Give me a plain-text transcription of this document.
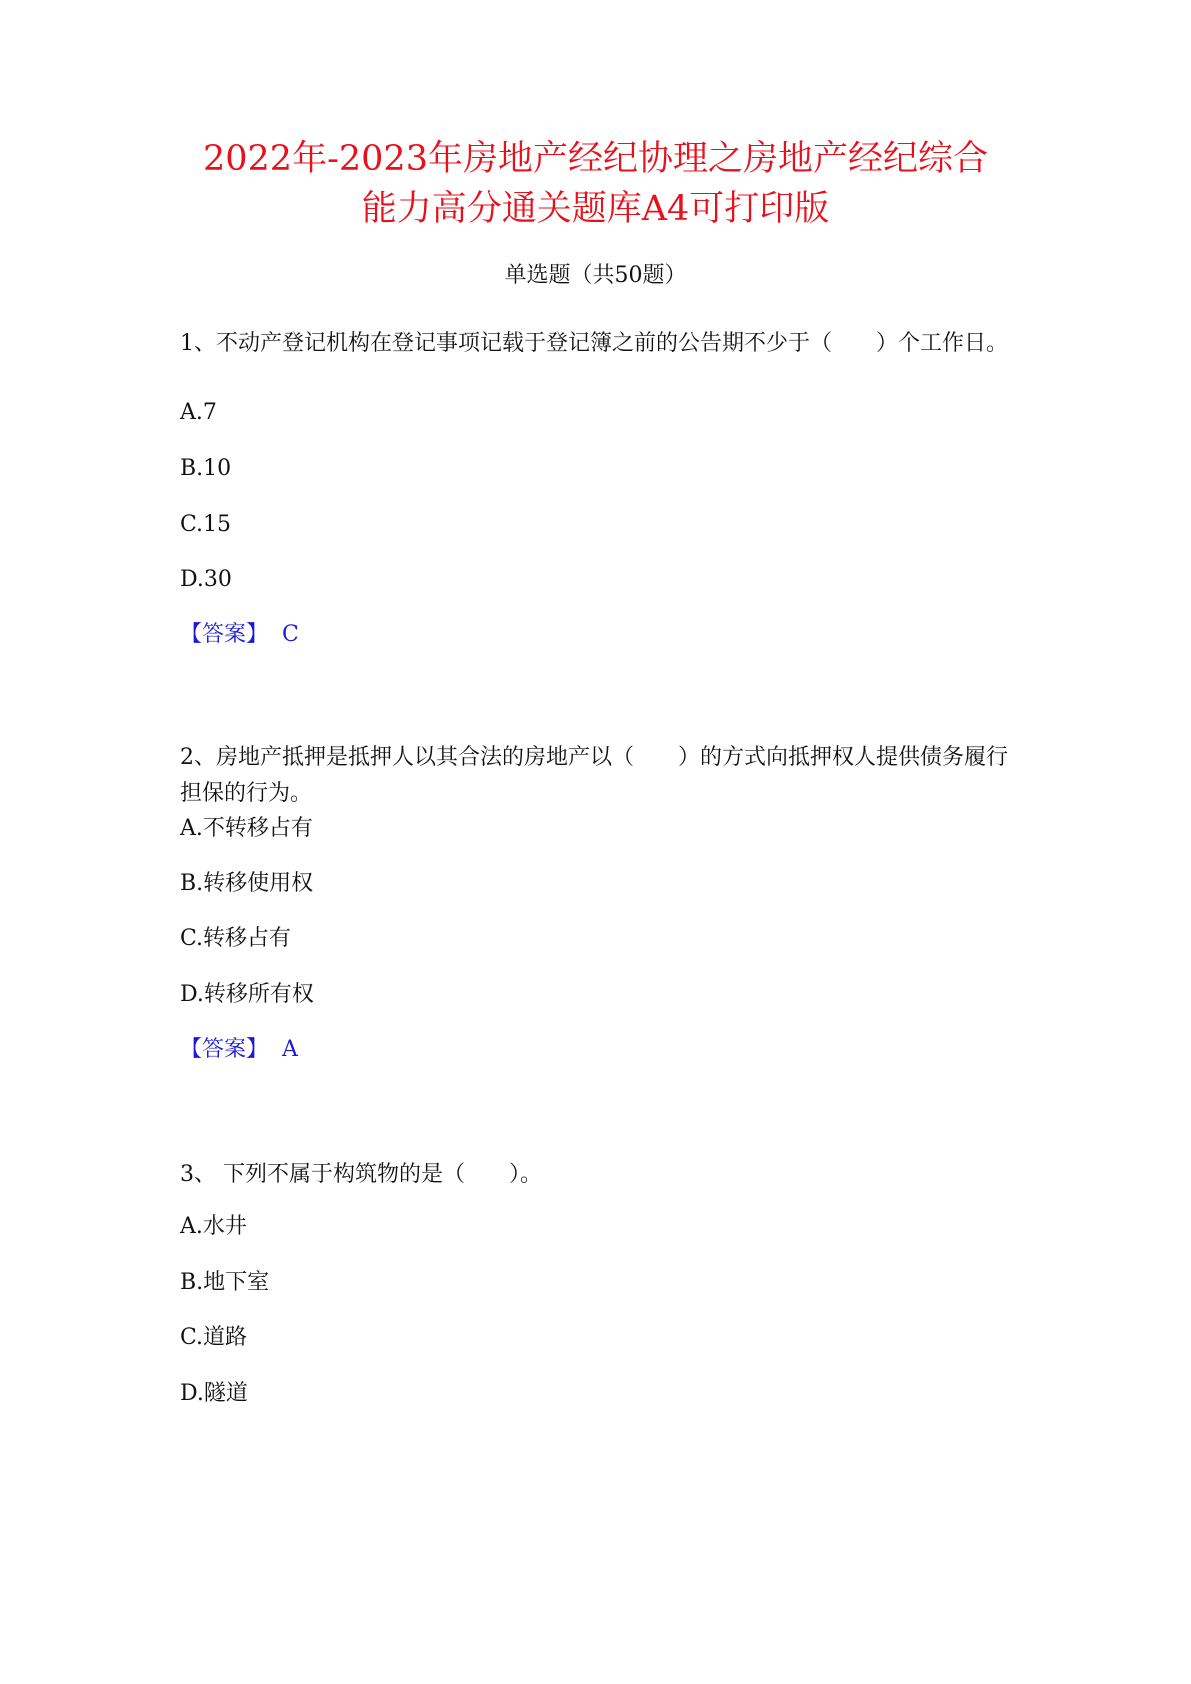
2022年-2023年房地产经纪协理之房地产经纪综合
能力高分通关题库A4可打印版
单选题（共50题）

1、不动产登记机构在登记事项记载于登记簿之前的公告期不少于（　　）个工作日。

A.7

B.10

C.15

D.30

【答案】 C

2、房地产抵押是抵押人以其合法的房地产以（　　）的方式向抵押权人提供债务履行担保的行为。

A.不转移占有

B.转移使用权

C.转移占有

D.转移所有权

【答案】 A

3、 下列不属于构筑物的是（　　）。

A.水井

B.地下室

C.道路

D.隧道
